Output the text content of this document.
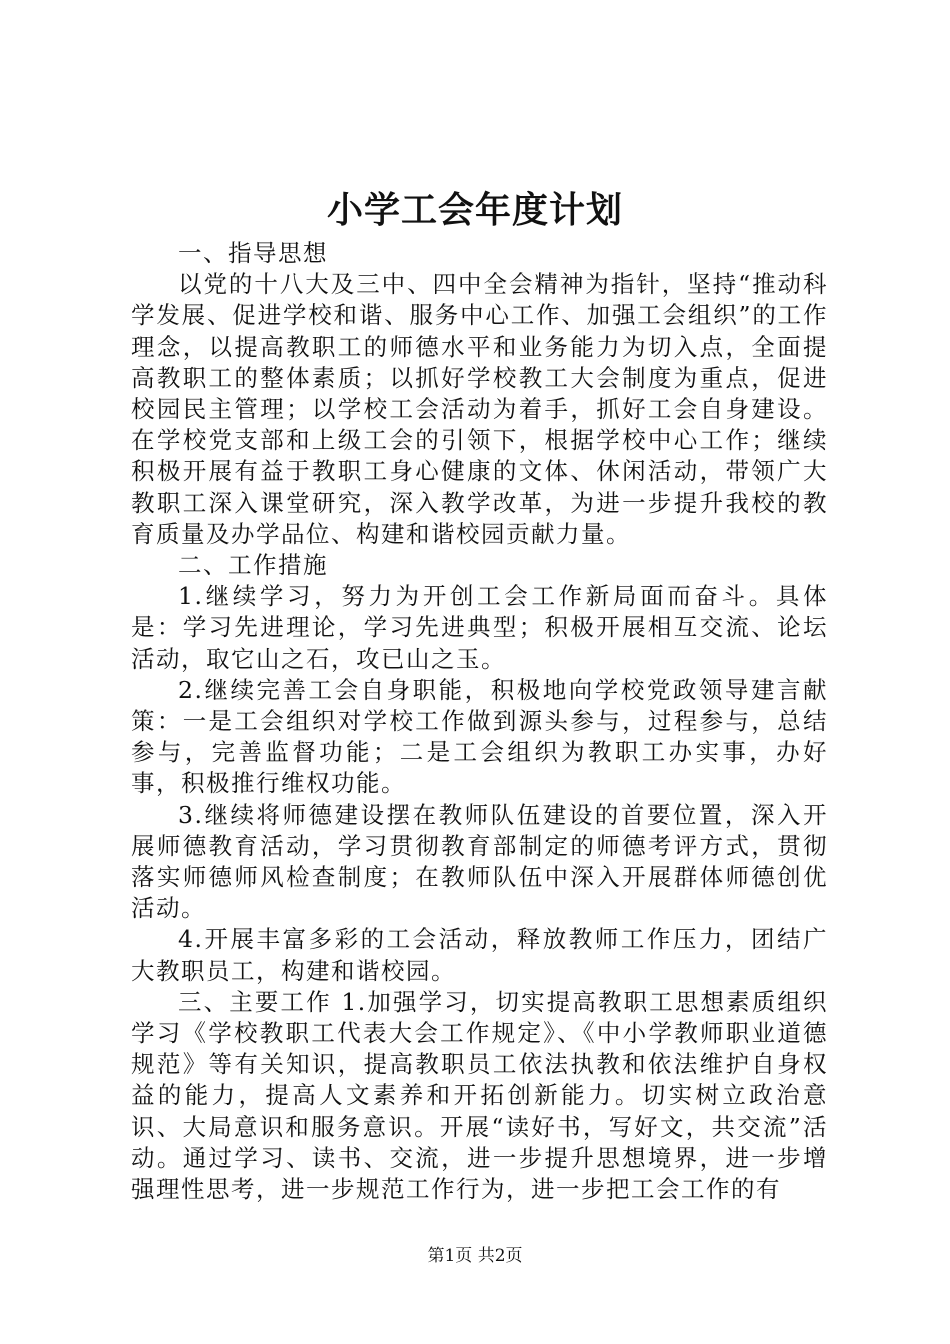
小学工会年度计划

一、指导思想

以党的十八大及三中、四中全会精神为指针，坚持“推动科学发展、促进学校和谐、服务中心工作、加强工会组织”的工作理念，以提高教职工的师德水平和业务能力为切入点，全面提高教职工的整体素质；以抓好学校教工大会制度为重点，促进校园民主管理；以学校工会活动为着手，抓好工会自身建设。在学校党支部和上级工会的引领下，根据学校中心工作；继续积极开展有益于教职工身心健康的文体、休闲活动，带领广大教职工深入课堂研究，深入教学改革，为进一步提升我校的教育质量及办学品位、构建和谐校园贡献力量。

二、工作措施

1.继续学习，努力为开创工会工作新局面而奋斗。具体是：学习先进理论，学习先进典型；积极开展相互交流、论坛活动，取它山之石，攻已山之玉。

2.继续完善工会自身职能，积极地向学校党政领导建言献策：一是工会组织对学校工作做到源头参与，过程参与，总结参与，完善监督功能；二是工会组织为教职工办实事，办好事，积极推行维权功能。

3.继续将师德建设摆在教师队伍建设的首要位置，深入开展师德教育活动，学习贯彻教育部制定的师德考评方式，贯彻落实师德师风检查制度；在教师队伍中深入开展群体师德创优活动。

4.开展丰富多彩的工会活动，释放教师工作压力，团结广大教职员工，构建和谐校园。

三、主要工作 1.加强学习，切实提高教职工思想素质组织学习《学校教职工代表大会工作规定》、《中小学教师职业道德规范》等有关知识，提高教职员工依法执教和依法维护自身权益的能力，提高人文素养和开拓创新能力。切实树立政治意识、大局意识和服务意识。开展“读好书，写好文，共交流”活动。通过学习、读书、交流，进一步提升思想境界，进一步增强理性思考，进一步规范工作行为，进一步把工会工作的有

第1页 共2页
